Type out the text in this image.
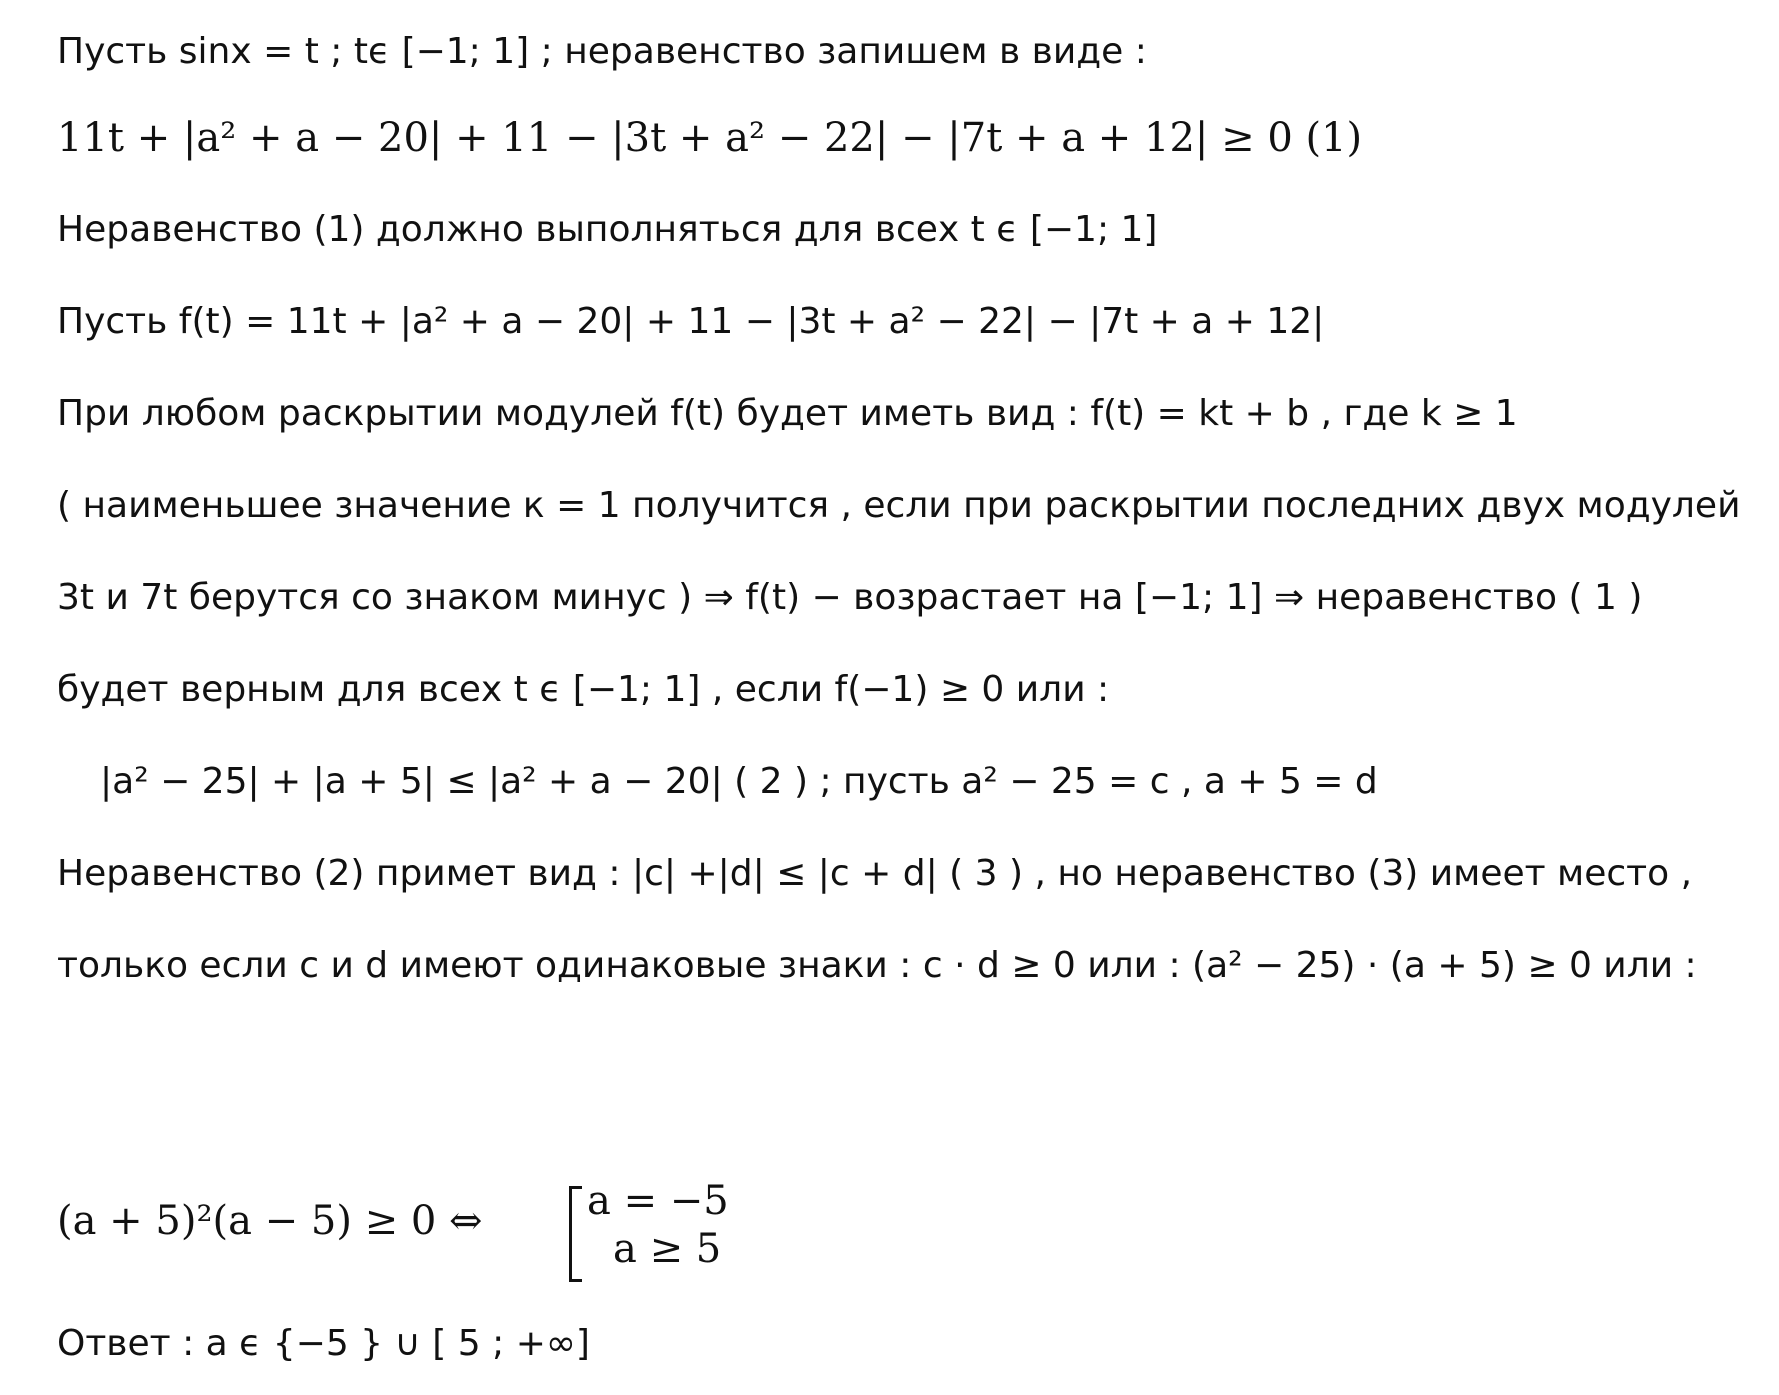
Пусть sinx = t ; tϵ [−1; 1] ; неравенство запишем в виде :
11t + |a² + a − 20| + 11 − |3t + a² − 22| − |7t + a + 12| ≥ 0 (1)
Неравенство (1) должно выполняться для всех t ϵ [−1; 1]
Пусть f(t) = 11t + |a² + a − 20| + 11 − |3t + a² − 22| − |7t + a + 12|
При любом раскрытии модулей f(t) будет иметь вид : f(t) = kt + b , где k ≥ 1
( наименьшее значение к = 1 получится , если при раскрытии последних двух модулей
3t и 7t берутся со знаком минус ) ⇒ f(t) − возрастает на [−1; 1] ⇒ неравенство ( 1 )
будет верным для всех t ϵ [−1; 1] , если f(−1) ≥ 0 или :
|a² − 25| + |a + 5| ≤ |a² + a − 20| ( 2 ) ; пусть a² − 25 = c , a + 5 = d
Неравенство (2) примет вид : |c| +|d| ≤ |c + d| ( 3 ) , но неравенство (3) имеет место ,
только если c и d имеют одинаковые знаки : c · d ≥ 0 или : (a² − 25) · (a + 5) ≥ 0 или :
(a + 5)²(a − 5) ≥ 0 ⇔	a = −5
a ≥ 5
Ответ : a ϵ {−5 } ∪ [ 5 ; +∞]
